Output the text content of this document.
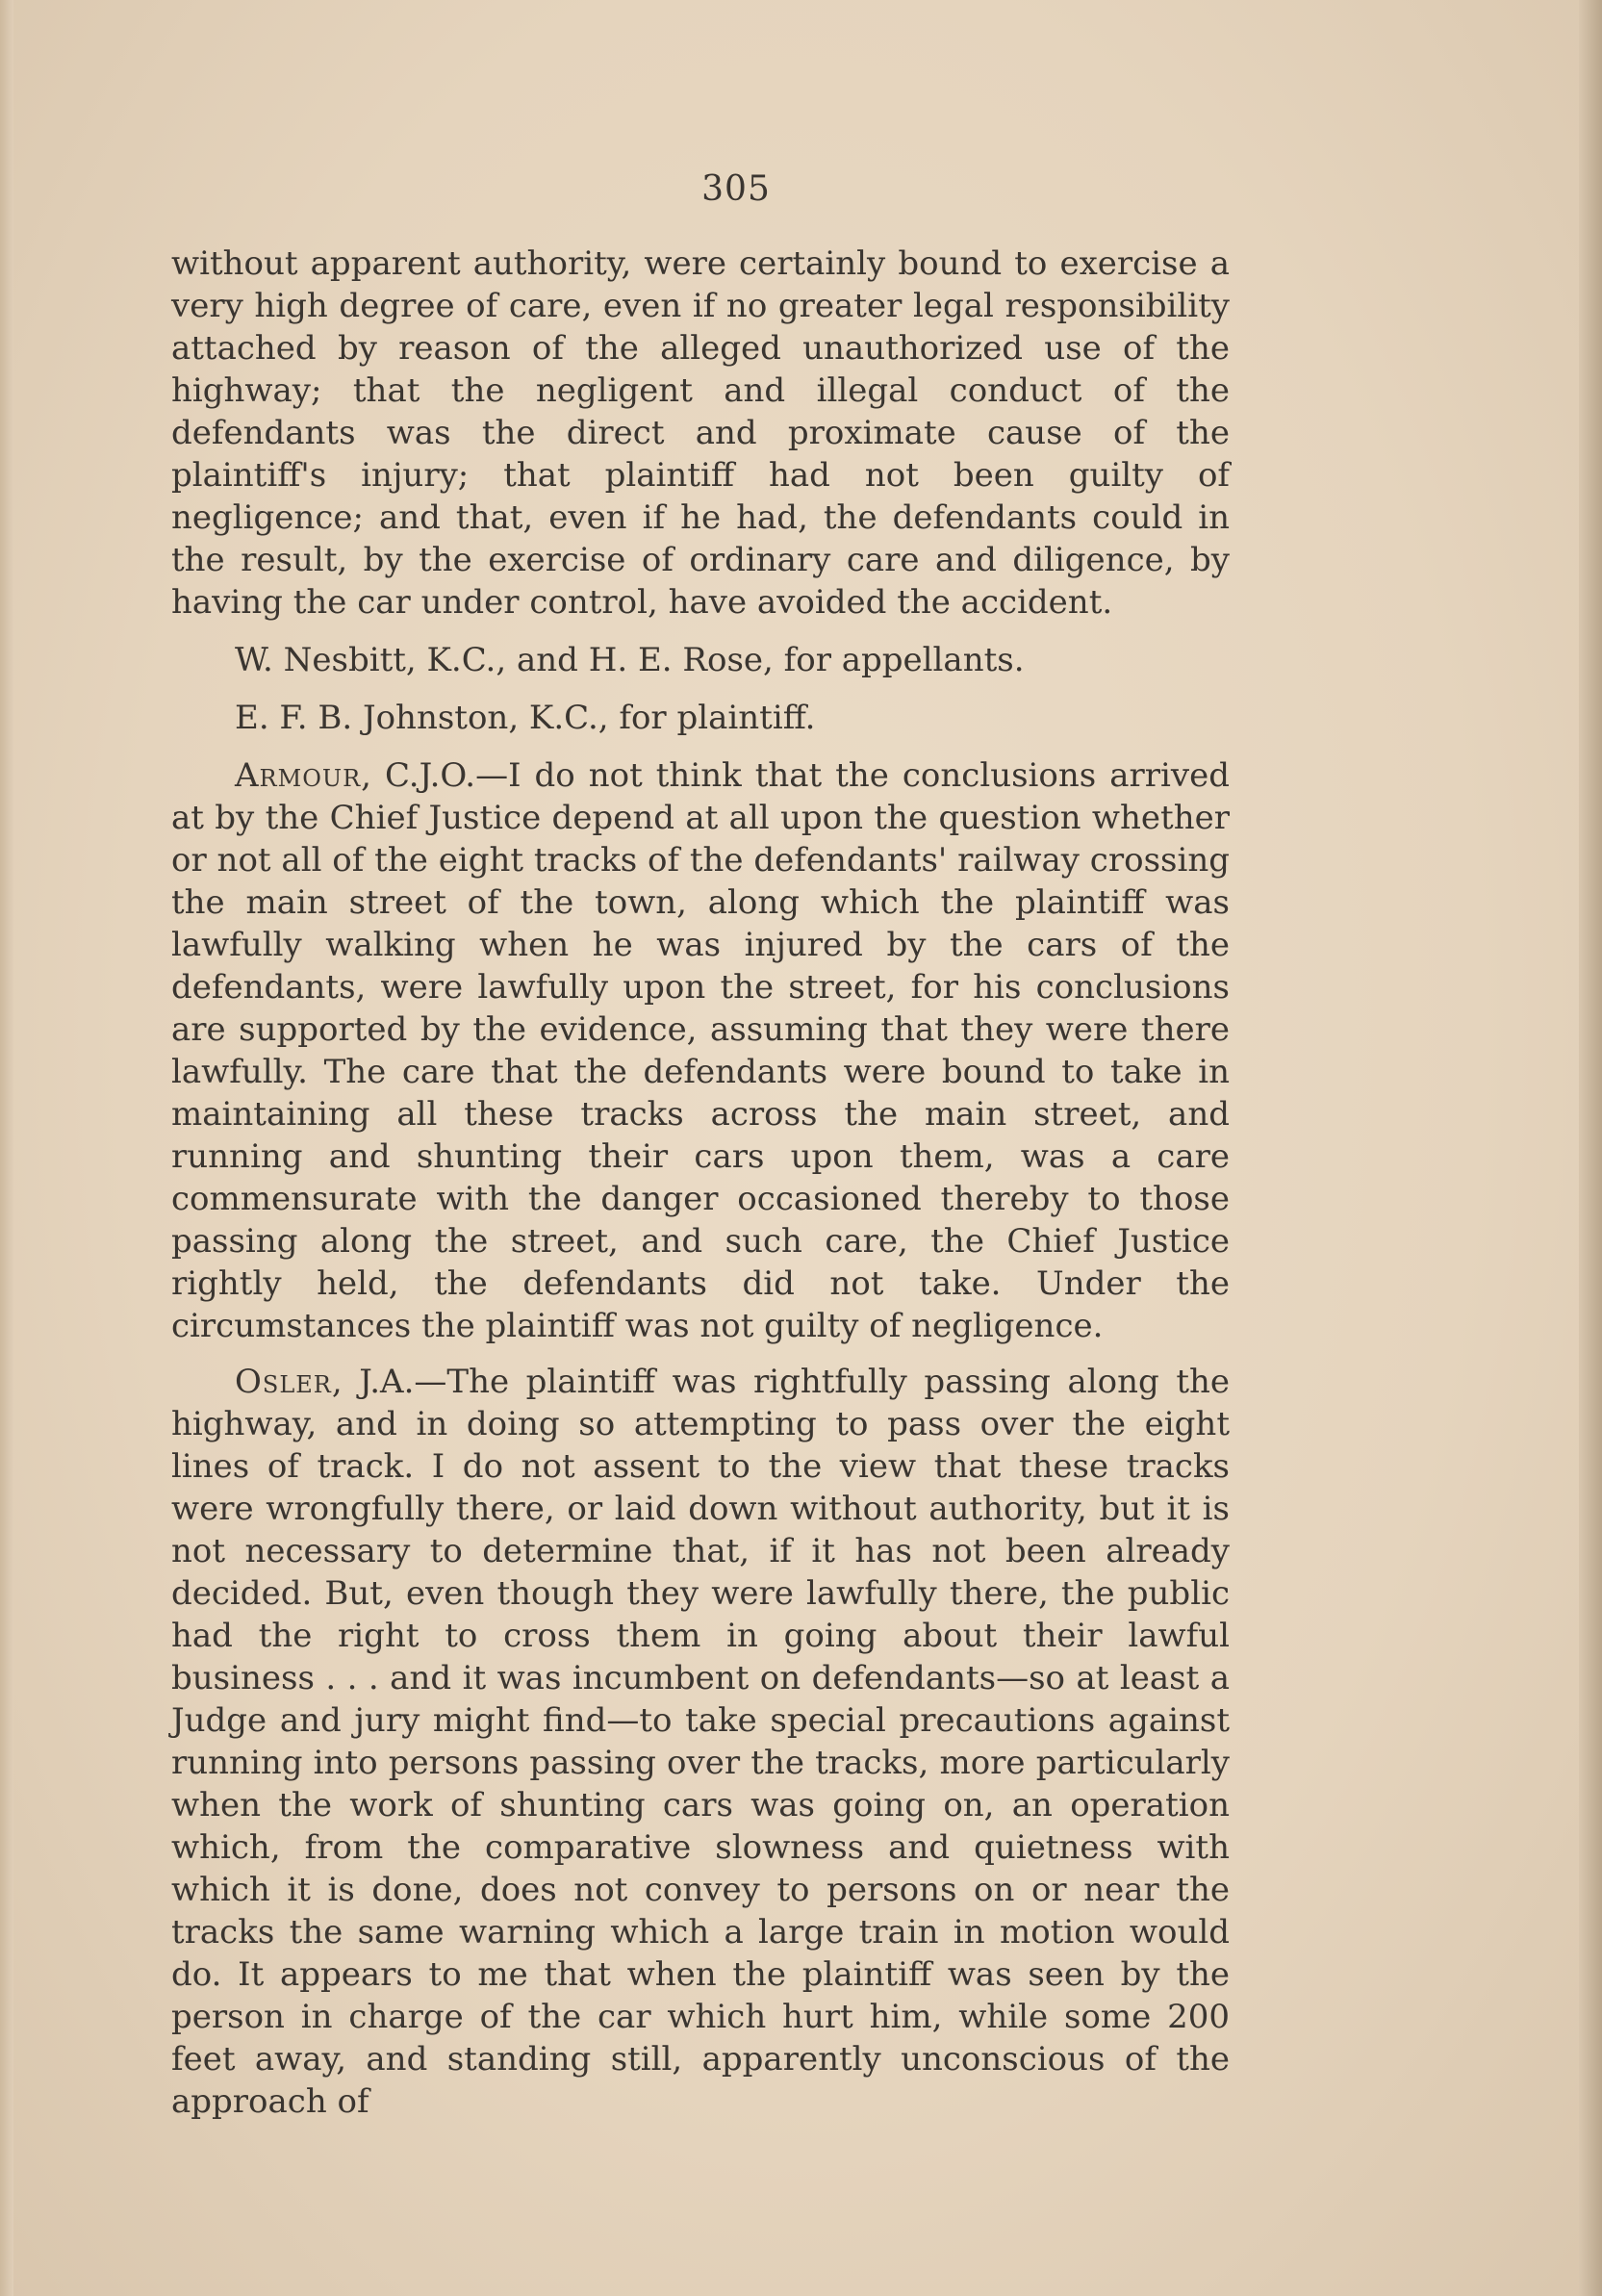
305

without apparent authority, were certainly bound to exercise a very high degree of care, even if no greater legal responsibility attached by reason of the alleged unauthorized use of the highway; that the negligent and illegal conduct of the defendants was the direct and proximate cause of the plaintiff's injury; that plaintiff had not been guilty of negligence; and that, even if he had, the defendants could in the result, by the exercise of ordinary care and diligence, by having the car under control, have avoided the accident.

W. Nesbitt, K.C., and H. E. Rose, for appellants.

E. F. B. Johnston, K.C., for plaintiff.

Armour, C.J.O.—I do not think that the conclusions arrived at by the Chief Justice depend at all upon the question whether or not all of the eight tracks of the defendants' railway crossing the main street of the town, along which the plaintiff was lawfully walking when he was injured by the cars of the defendants, were lawfully upon the street, for his conclusions are supported by the evidence, assuming that they were there lawfully. The care that the defendants were bound to take in maintaining all these tracks across the main street, and running and shunting their cars upon them, was a care commensurate with the danger occasioned thereby to those passing along the street, and such care, the Chief Justice rightly held, the defendants did not take. Under the circumstances the plaintiff was not guilty of negligence.

Osler, J.A.—The plaintiff was rightfully passing along the highway, and in doing so attempting to pass over the eight lines of track. I do not assent to the view that these tracks were wrongfully there, or laid down without authority, but it is not necessary to determine that, if it has not been already decided. But, even though they were lawfully there, the public had the right to cross them in going about their lawful business . . . and it was incumbent on defendants—so at least a Judge and jury might find—to take special precautions against running into persons passing over the tracks, more particularly when the work of shunting cars was going on, an operation which, from the comparative slowness and quietness with which it is done, does not convey to persons on or near the tracks the same warning which a large train in motion would do. It appears to me that when the plaintiff was seen by the person in charge of the car which hurt him, while some 200 feet away, and standing still, apparently unconscious of the approach of
